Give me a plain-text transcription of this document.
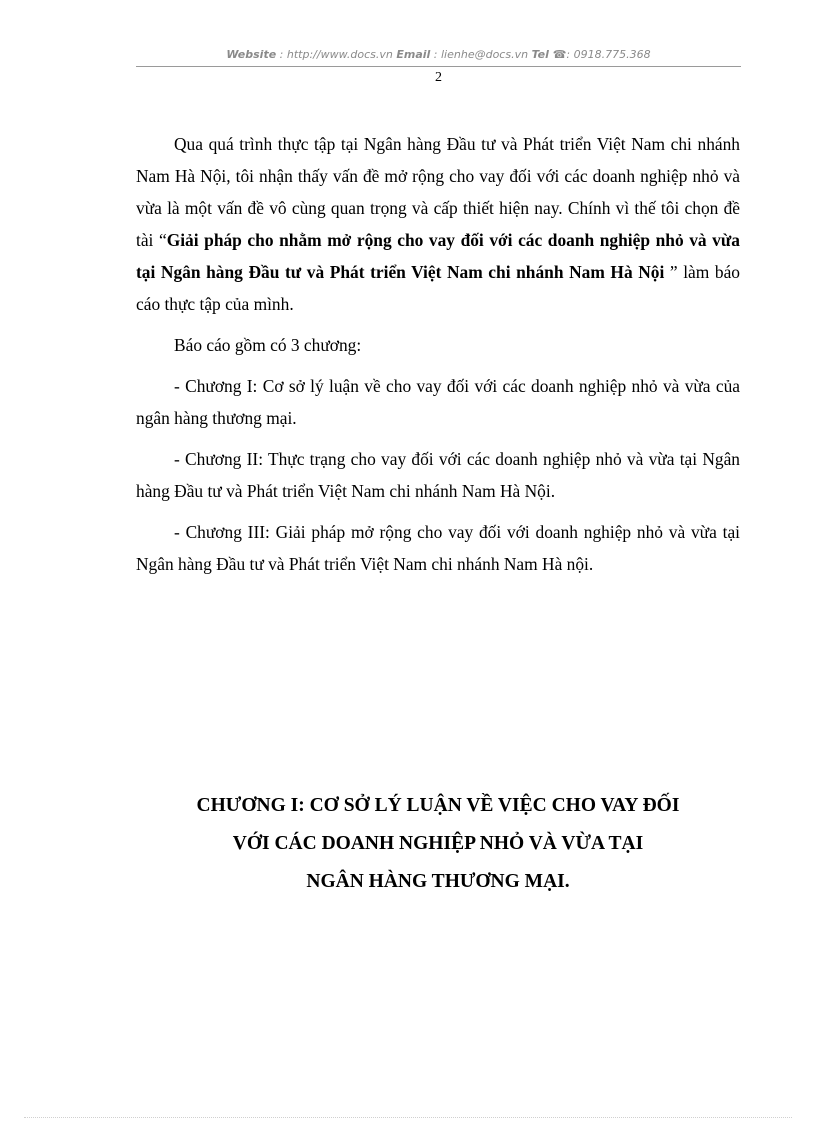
Website : http://www.docs.vn Email : lienhe@docs.vn Tel ☎: 0918.775.368
2

Qua quá trình thực tập tại Ngân hàng Đầu tư và Phát triển Việt Nam chi nhánh Nam Hà Nội, tôi nhận thấy vấn đề mở rộng cho vay đối với các doanh nghiệp nhỏ và vừa là một vấn đề vô cùng quan trọng và cấp thiết hiện nay. Chính vì thế tôi chọn đề tài “Giải pháp cho nhằm mở rộng cho vay đối với các doanh nghiệp nhỏ và vừa tại Ngân hàng Đầu tư và Phát triển Việt Nam chi nhánh Nam Hà Nội ” làm báo cáo thực tập của mình.

Báo cáo gồm có 3 chương:

- Chương I: Cơ sở lý luận về cho vay đối với các doanh nghiệp nhỏ và vừa của ngân hàng thương mại.

- Chương II: Thực trạng cho vay đối với các doanh nghiệp nhỏ và vừa tại Ngân hàng Đầu tư và Phát triển Việt Nam chi nhánh Nam Hà Nội.

- Chương III: Giải pháp mở rộng cho vay đối với doanh nghiệp nhỏ và vừa tại Ngân hàng Đầu tư và Phát triển Việt Nam chi nhánh Nam Hà nội.

CHƯƠNG I: CƠ SỞ LÝ LUẬN VỀ VIỆC CHO VAY ĐỐI
VỚI CÁC DOANH NGHIỆP NHỎ VÀ VỪA TẠI
NGÂN HÀNG THƯƠNG MẠI.
